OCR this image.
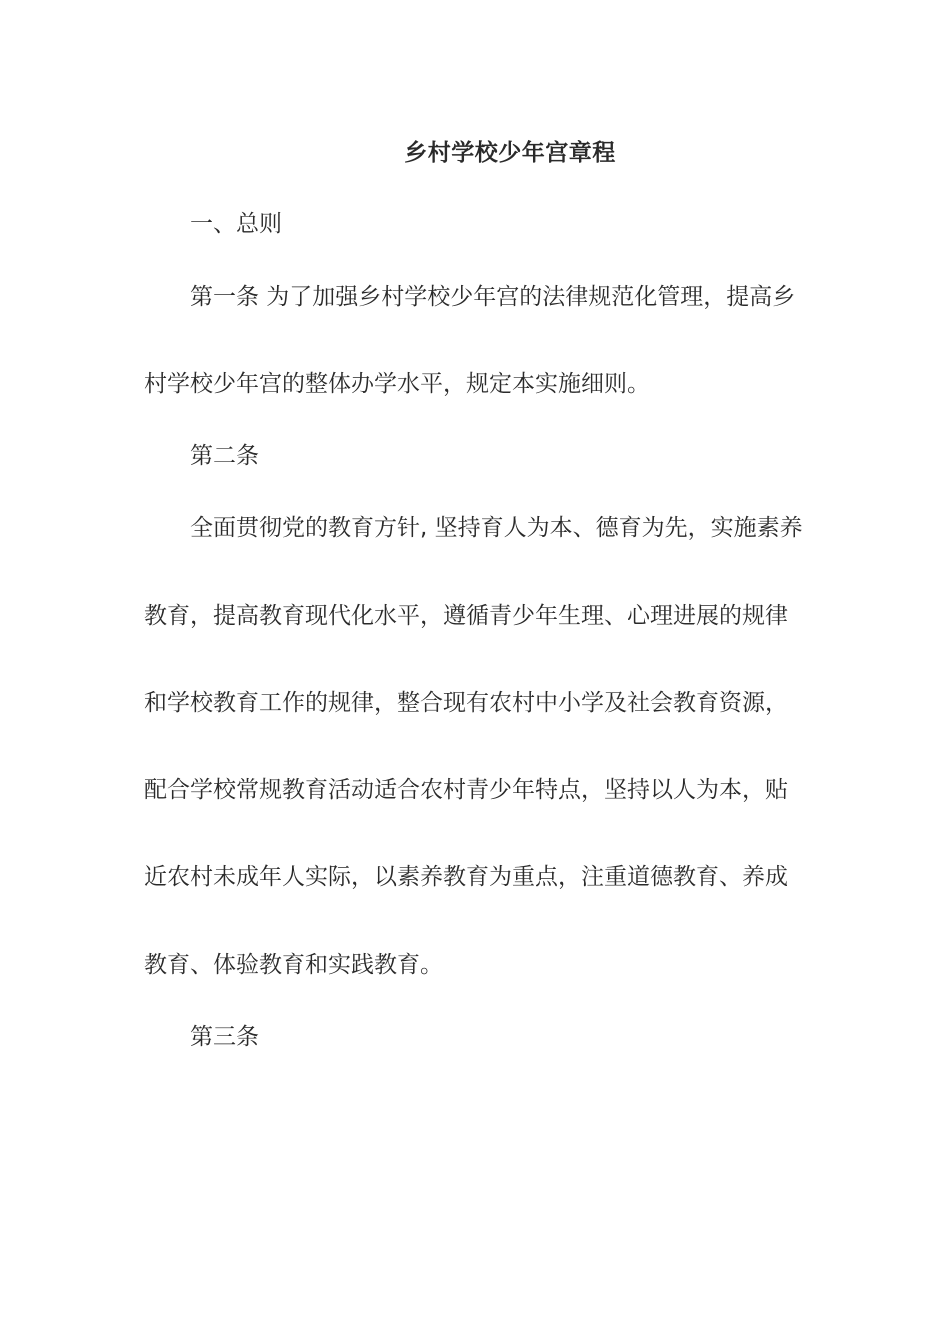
乡村学校少年宫章程
一、总则
第一条 为了加强乡村学校少年宫的法律规范化管理，提高乡
村学校少年宫的整体办学水平，规定本实施细则。
第二条
全面贯彻党的教育方针, 坚持育人为本、德育为先，实施素养
教育，提高教育现代化水平，遵循青少年生理、心理进展的规律
和学校教育工作的规律，整合现有农村中小学及社会教育资源，
配合学校常规教育活动适合农村青少年特点，坚持以人为本，贴
近农村未成年人实际，以素养教育为重点，注重道德教育、养成
教育、体验教育和实践教育。
第三条
